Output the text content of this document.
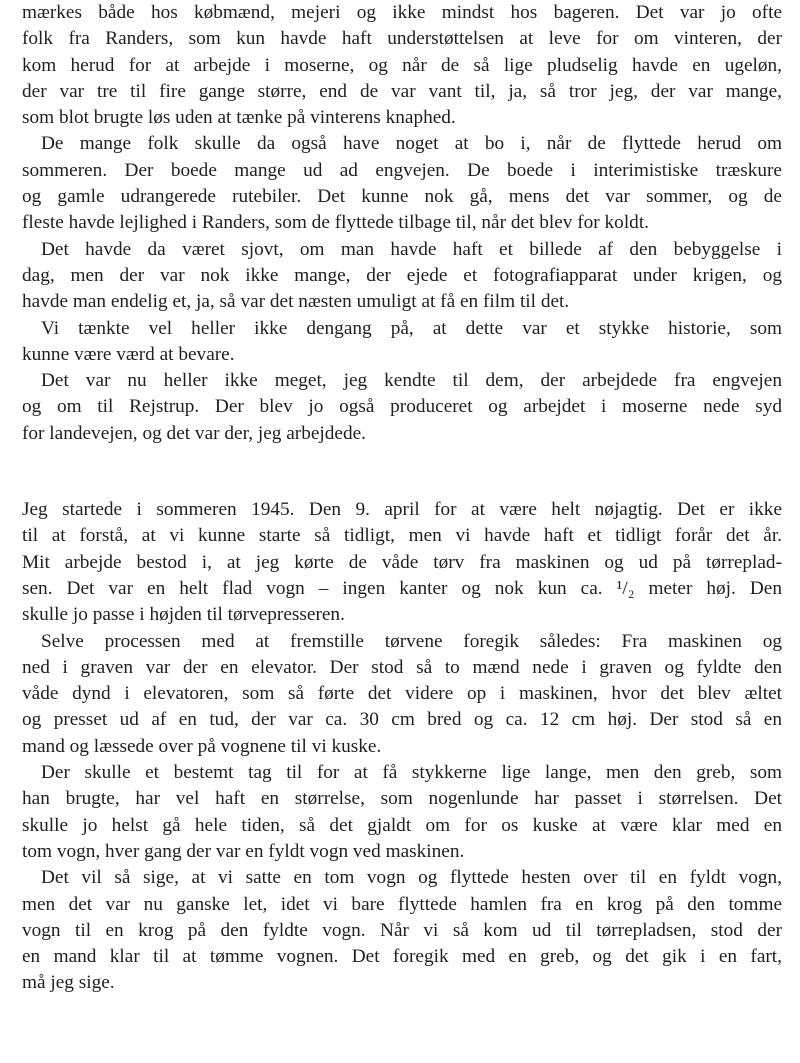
mærkes både hos købmænd, mejeri og ikke mindst hos bageren. Det var jo ofte
folk fra Randers, som kun havde haft understøttelsen at leve for om vinteren, der
kom herud for at arbejde i moserne, og når de så lige pludselig havde en ugeløn,
der var tre til fire gange større, end de var vant til, ja, så tror jeg, der var mange,
som blot brugte løs uden at tænke på vinterens knaphed.
De mange folk skulle da også have noget at bo i, når de flyttede herud om
sommeren. Der boede mange ud ad engvejen. De boede i interimistiske træskure
og gamle udrangerede rutebiler. Det kunne nok gå, mens det var sommer, og de
fleste havde lejlighed i Randers, som de flyttede tilbage til, når det blev for koldt.
Det havde da været sjovt, om man havde haft et billede af den bebyggelse i
dag, men der var nok ikke mange, der ejede et fotografiapparat under krigen, og
havde man endelig et, ja, så var det næsten umuligt at få en film til det.
Vi tænkte vel heller ikke dengang på, at dette var et stykke historie, som
kunne være værd at bevare.
Det var nu heller ikke meget, jeg kendte til dem, der arbejdede fra engvejen
og om til Rejstrup. Der blev jo også produceret og arbejdet i moserne nede syd
for landevejen, og det var der, jeg arbejdede.
Jeg startede i sommeren 1945. Den 9. april for at være helt nøjagtig. Det er ikke
til at forstå, at vi kunne starte så tidligt, men vi havde haft et tidligt forår det år.
Mit arbejde bestod i, at jeg kørte de våde tørv fra maskinen og ud på tørreplad-
sen. Det var en helt flad vogn – ingen kanter og nok kun ca. ¹/₂ meter høj. Den
skulle jo passe i højden til tørvepresseren.
Selve processen med at fremstille tørvene foregik således: Fra maskinen og
ned i graven var der en elevator. Der stod så to mænd nede i graven og fyldte den
våde dynd i elevatoren, som så førte det videre op i maskinen, hvor det blev æltet
og presset ud af en tud, der var ca. 30 cm bred og ca. 12 cm høj. Der stod så en
mand og læssede over på vognene til vi kuske.
Der skulle et bestemt tag til for at få stykkerne lige lange, men den greb, som
han brugte, har vel haft en størrelse, som nogenlunde har passet i størrelsen. Det
skulle jo helst gå hele tiden, så det gjaldt om for os kuske at være klar med en
tom vogn, hver gang der var en fyldt vogn ved maskinen.
Det vil så sige, at vi satte en tom vogn og flyttede hesten over til en fyldt vogn,
men det var nu ganske let, idet vi bare flyttede hamlen fra en krog på den tomme
vogn til en krog på den fyldte vogn. Når vi så kom ud til tørrepladsen, stod der
en mand klar til at tømme vognen. Det foregik med en greb, og det gik i en fart,
må jeg sige.
